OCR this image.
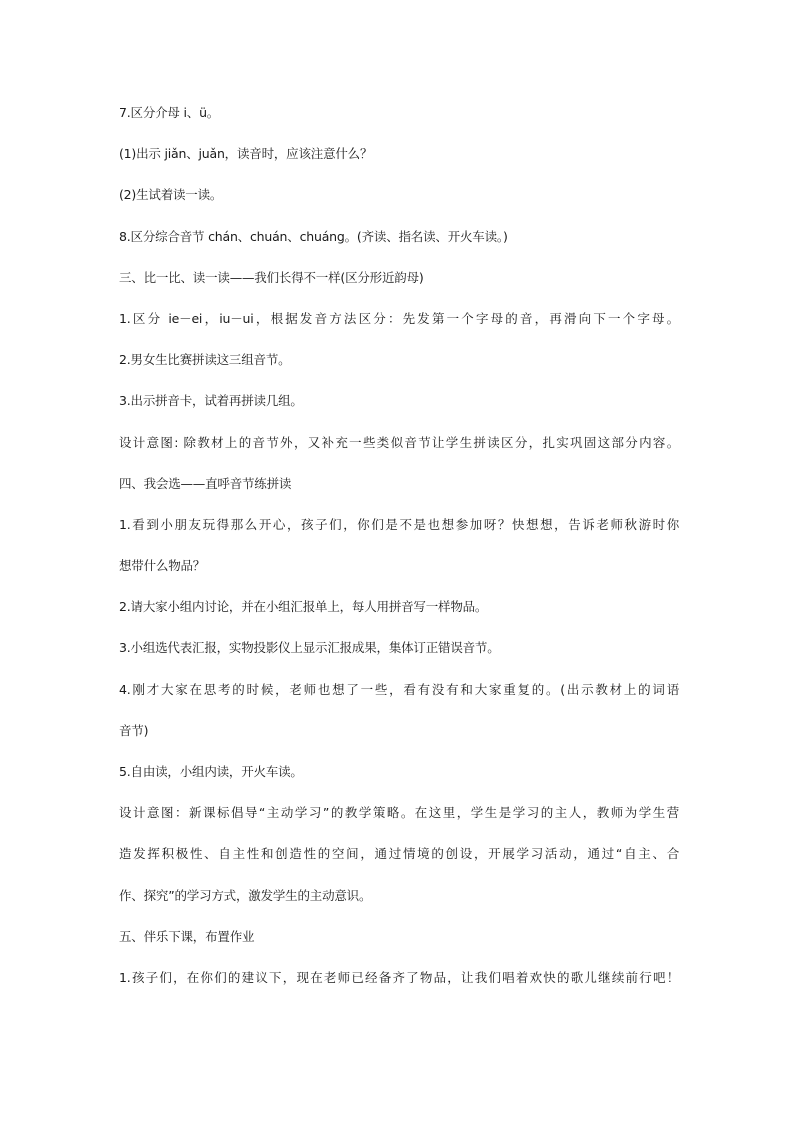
7.区分介母 i、ü。
(1)出示 jiǎn、juǎn，读音时，应该注意什么？
(2)生试着读一读。
8.区分综合音节 chán、chuán、chuáng。(齐读、指名读、开火车读。)
三、比一比、读一读——我们长得不一样(区分形近韵母)
1.区分 ie－ei，iu－ui，根据发音方法区分：先发第一个字母的音，再滑向下一个字母。
2.男女生比赛拼读这三组音节。
3.出示拼音卡，试着再拼读几组。
设计意图: 除教材上的音节外，又补充一些类似音节让学生拼读区分，扎实巩固这部分内容。
四、我会选——直呼音节练拼读
1.看到小朋友玩得那么开心，孩子们，你们是不是也想参加呀？快想想，告诉老师秋游时你
想带什么物品？
2.请大家小组内讨论，并在小组汇报单上，每人用拼音写一样物品。
3.小组选代表汇报，实物投影仪上显示汇报成果，集体订正错误音节。
4.刚才大家在思考的时候，老师也想了一些，看有没有和大家重复的。(出示教材上的词语
音节)
5.自由读，小组内读，开火车读。
设计意图：新课标倡导“主动学习”的教学策略。在这里，学生是学习的主人，教师为学生营
造发挥积极性、自主性和创造性的空间，通过情境的创设，开展学习活动，通过“自主、合
作、探究”的学习方式，激发学生的主动意识。
五、伴乐下课，布置作业
1.孩子们，在你们的建议下，现在老师已经备齐了物品，让我们唱着欢快的歌儿继续前行吧！
